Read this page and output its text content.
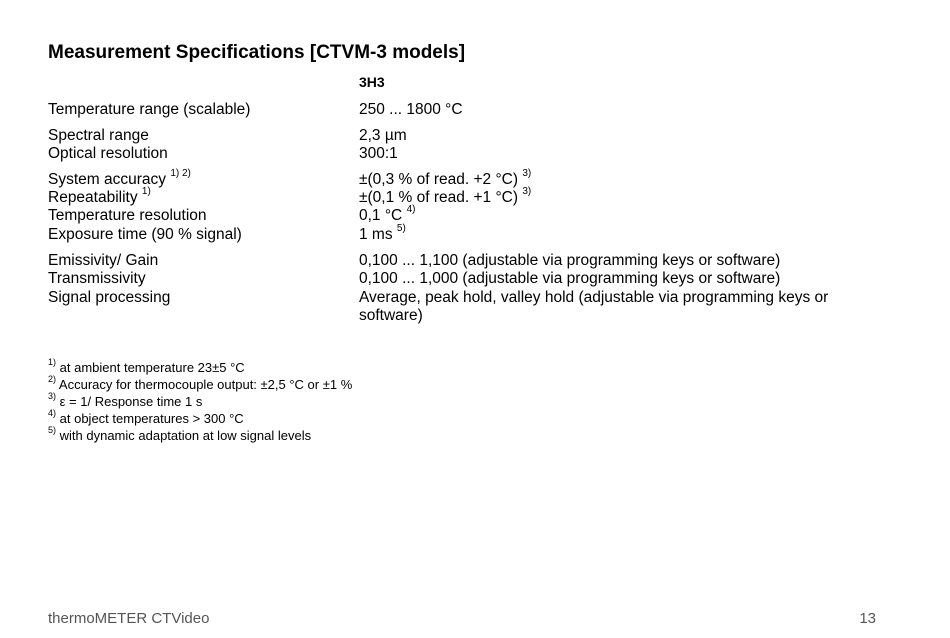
Measurement Specifications [CTVM-3 models]
3H3
Temperature range (scalable)	250 ... 1800 °C
Spectral range	2,3 µm
Optical resolution	300:1
System accuracy $^{1) 2)}$	±(0,3 % of read. +2 °C) $^{3)}$
Repeatability $^{1)}$	±(0,1 % of read. +1 °C) $^{3)}$
Temperature resolution	0,1 °C $^{4)}$
Exposure time (90 % signal)	1 ms $^{5)}$
Emissivity/ Gain	0,100 ... 1,100 (adjustable via programming keys or software)
Transmissivity	0,100 ... 1,000 (adjustable via programming keys or software)
Signal processing	Average, peak hold, valley hold (adjustable via programming keys or software)
$^{1)}$ at ambient temperature 23±5 °C
$^{2)}$ Accuracy for thermocouple output: ±2,5 °C or ±1 %
$^{3)}$ ε = 1/ Response time 1 s
$^{4)}$ at object temperatures > 300 °C
$^{5)}$ with dynamic adaptation at low signal levels
thermoMETER CTVideo	13
